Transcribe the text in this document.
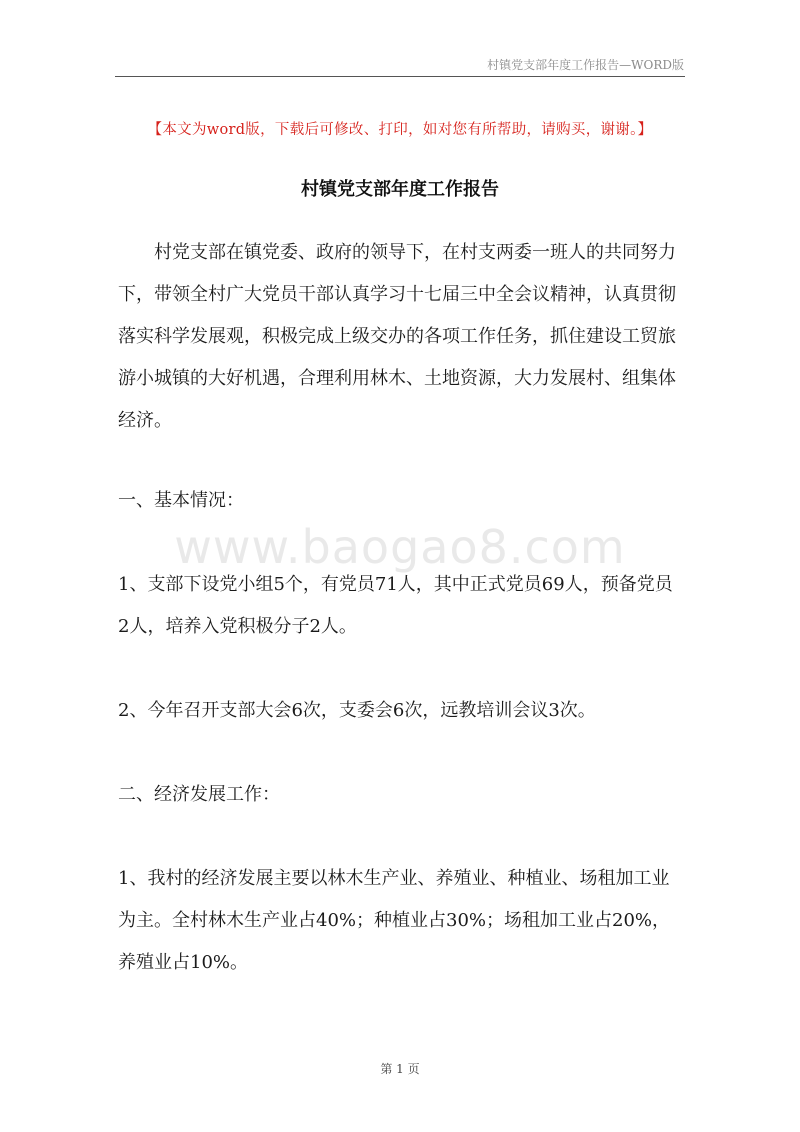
村镇党支部年度工作报告—WORD版
【本文为word版，下载后可修改、打印，如对您有所帮助，请购买，谢谢。】
村镇党支部年度工作报告
www.baogao8.com

村党支部在镇党委、政府的领导下，在村支两委一班人的共同努力下，带领全村广大党员干部认真学习十七届三中全会议精神，认真贯彻落实科学发展观，积极完成上级交办的各项工作任务，抓住建设工贸旅游小城镇的大好机遇，合理利用林木、土地资源，大力发展村、组集体经济。

一、基本情况：

1、支部下设党小组5个，有党员71人，其中正式党员69人，预备党员2人，培养入党积极分子2人。

2、今年召开支部大会6次，支委会6次，远教培训会议3次。

二、经济发展工作：

1、我村的经济发展主要以林木生产业、养殖业、种植业、场租加工业为主。全村林木生产业占40%；种植业占30%；场租加工业占20%，养殖业占10%。

第 1 页
